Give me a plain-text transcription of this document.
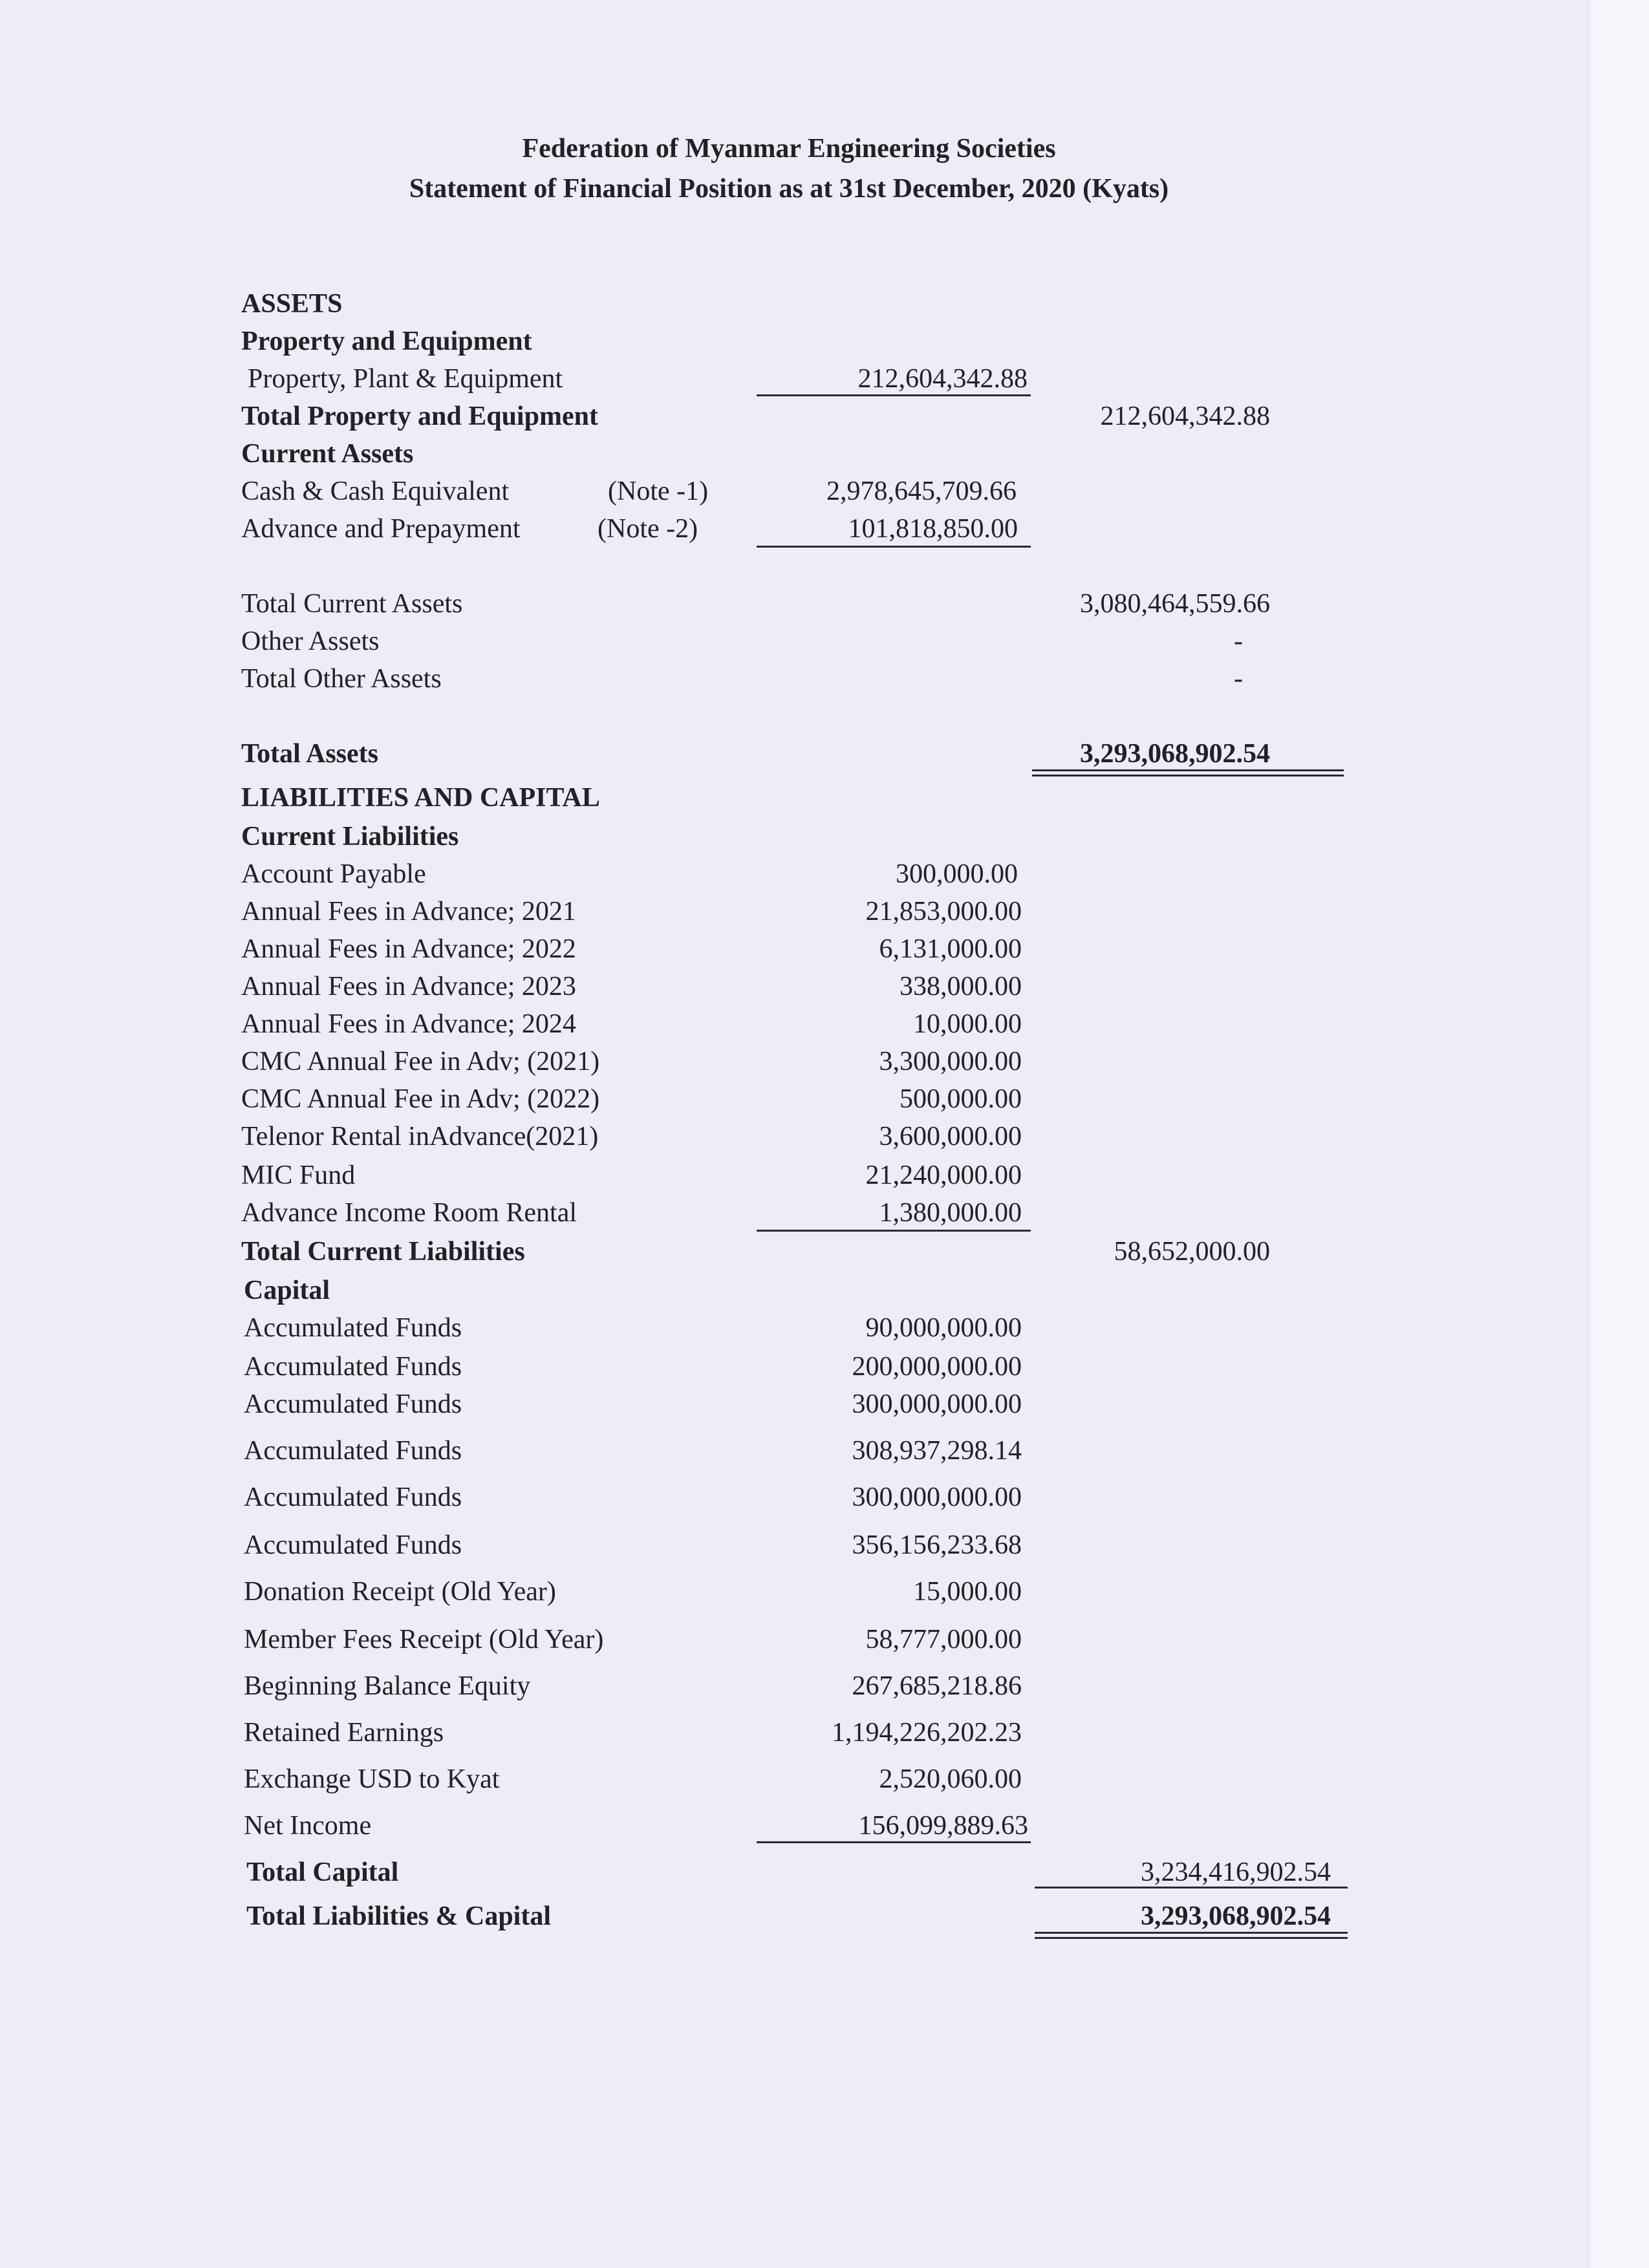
Federation of Myanmar Engineering Societies
Statement of Financial Position as at 31st December, 2020 (Kyats)
ASSETS
Property and Equipment
Property, Plant & Equipment	212,604,342.88
Total Property and Equipment	212,604,342.88
Current Assets
Cash & Cash Equivalent	(Note -1)	2,978,645,709.66
Advance and Prepayment	(Note -2)	101,818,850.00
Total Current Assets	3,080,464,559.66
Other Assets	-
Total Other Assets	-
Total Assets	3,293,068,902.54
LIABILITIES AND CAPITAL
Current Liabilities
Account Payable	300,000.00
Annual Fees in Advance; 2021	21,853,000.00
Annual Fees in Advance; 2022	6,131,000.00
Annual Fees in Advance; 2023	338,000.00
Annual Fees in Advance; 2024	10,000.00
CMC Annual Fee in Adv; (2021)	3,300,000.00
CMC Annual Fee in Adv; (2022)	500,000.00
Telenor Rental inAdvance(2021)	3,600,000.00
MIC Fund	21,240,000.00
Advance Income Room Rental	1,380,000.00
Total Current Liabilities	58,652,000.00
Capital
Accumulated Funds	90,000,000.00
Accumulated Funds	200,000,000.00
Accumulated Funds	300,000,000.00
Accumulated Funds	308,937,298.14
Accumulated Funds	300,000,000.00
Accumulated Funds	356,156,233.68
Donation Receipt (Old Year)	15,000.00
Member Fees Receipt (Old Year)	58,777,000.00
Beginning Balance Equity	267,685,218.86
Retained Earnings	1,194,226,202.23
Exchange USD to Kyat	2,520,060.00
Net Income	156,099,889.63
Total Capital	3,234,416,902.54
Total Liabilities & Capital	3,293,068,902.54
